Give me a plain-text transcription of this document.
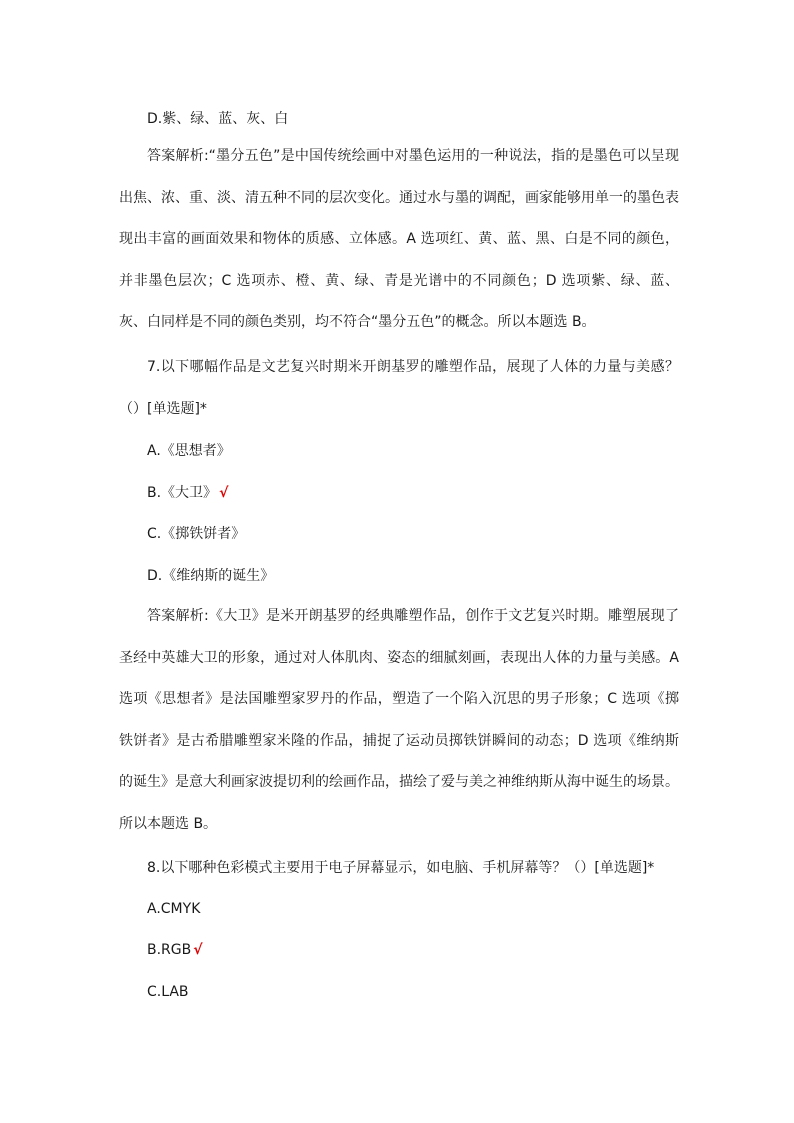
D.紫、绿、蓝、灰、白

答案解析:“墨分五色”是中国传统绘画中对墨色运用的一种说法，指的是墨色可以呈现出焦、浓、重、淡、清五种不同的层次变化。通过水与墨的调配，画家能够用单一的墨色表现出丰富的画面效果和物体的质感、立体感。A 选项红、黄、蓝、黑、白是不同的颜色，并非墨色层次；C 选项赤、橙、黄、绿、青是光谱中的不同颜色；D 选项紫、绿、蓝、灰、白同样是不同的颜色类别，均不符合“墨分五色”的概念。所以本题选 B。

7.以下哪幅作品是文艺复兴时期米开朗基罗的雕塑作品，展现了人体的力量与美感？（）[单选题]*

A.《思想者》

B.《大卫》 √

C.《掷铁饼者》

D.《维纳斯的诞生》

答案解析:《大卫》是米开朗基罗的经典雕塑作品，创作于文艺复兴时期。雕塑展现了圣经中英雄大卫的形象，通过对人体肌肉、姿态的细腻刻画，表现出人体的力量与美感。A 选项《思想者》是法国雕塑家罗丹的作品，塑造了一个陷入沉思的男子形象；C 选项《掷铁饼者》是古希腊雕塑家米隆的作品，捕捉了运动员掷铁饼瞬间的动态；D 选项《维纳斯的诞生》是意大利画家波提切利的绘画作品，描绘了爱与美之神维纳斯从海中诞生的场景。所以本题选 B。

8.以下哪种色彩模式主要用于电子屏幕显示，如电脑、手机屏幕等？（）[单选题]*

A.CMYK

B.RGB √

C.LAB
